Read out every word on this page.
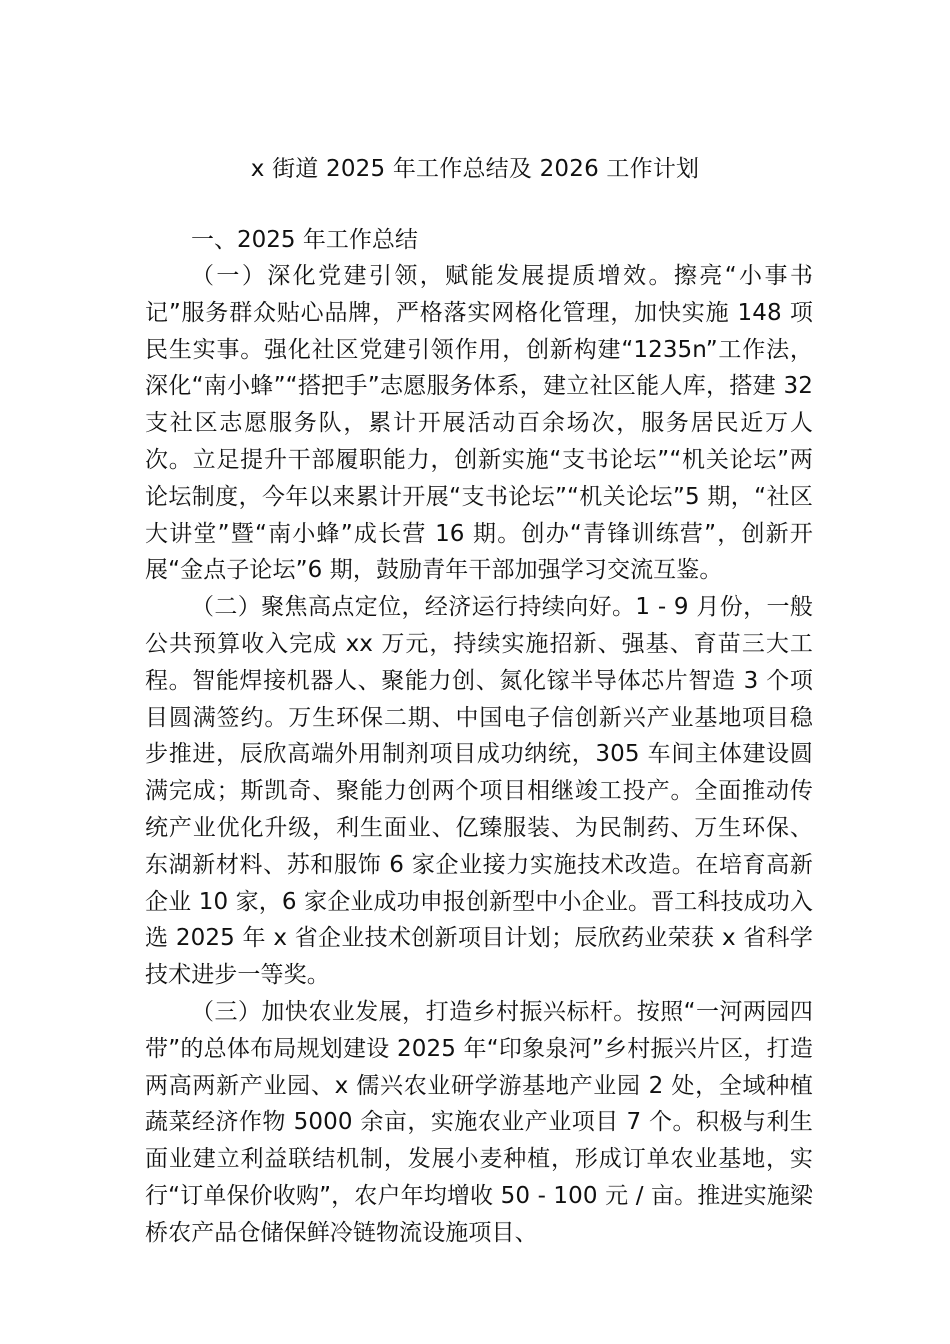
x 街道 2025 年工作总结及 2026 工作计划

一、2025 年工作总结

（一）深化党建引领，赋能发展提质增效。擦亮“小事书记”服务群众贴心品牌，严格落实网格化管理，加快实施 148 项民生实事。强化社区党建引领作用，创新构建“1235n”工作法，深化“南小蜂”“搭把手”志愿服务体系，建立社区能人库，搭建 32 支社区志愿服务队，累计开展活动百余场次，服务居民近万人次。立足提升干部履职能力，创新实施“支书论坛”“机关论坛”两论坛制度，今年以来累计开展“支书论坛”“机关论坛”5 期，“社区大讲堂”暨“南小蜂”成长营 16 期。创办“青锋训练营”，创新开展“金点子论坛”6 期，鼓励青年干部加强学习交流互鉴。

（二）聚焦高点定位，经济运行持续向好。1 - 9 月份，一般公共预算收入完成 xx 万元，持续实施招新、强基、育苗三大工程。智能焊接机器人、聚能力创、氮化镓半导体芯片智造 3 个项目圆满签约。万生环保二期、中国电子信创新兴产业基地项目稳步推进，辰欣高端外用制剂项目成功纳统，305 车间主体建设圆满完成；斯凯奇、聚能力创两个项目相继竣工投产。全面推动传统产业优化升级，利生面业、亿臻服装、为民制药、万生环保、东湖新材料、苏和服饰 6 家企业接力实施技术改造。在培育高新企业 10 家，6 家企业成功申报创新型中小企业。晋工科技成功入选 2025 年 x 省企业技术创新项目计划；辰欣药业荣获 x 省科学技术进步一等奖。

（三）加快农业发展，打造乡村振兴标杆。按照“一河两园四带”的总体布局规划建设 2025 年“印象泉河”乡村振兴片区，打造两高两新产业园、x 儒兴农业研学游基地产业园 2 处，全域种植蔬菜经济作物 5000 余亩，实施农业产业项目 7 个。积极与利生面业建立利益联结机制，发展小麦种植，形成订单农业基地，实行“订单保价收购”，农户年均增收 50 - 100 元 / 亩。推进实施梁桥农产品仓储保鲜冷链物流设施项目、
